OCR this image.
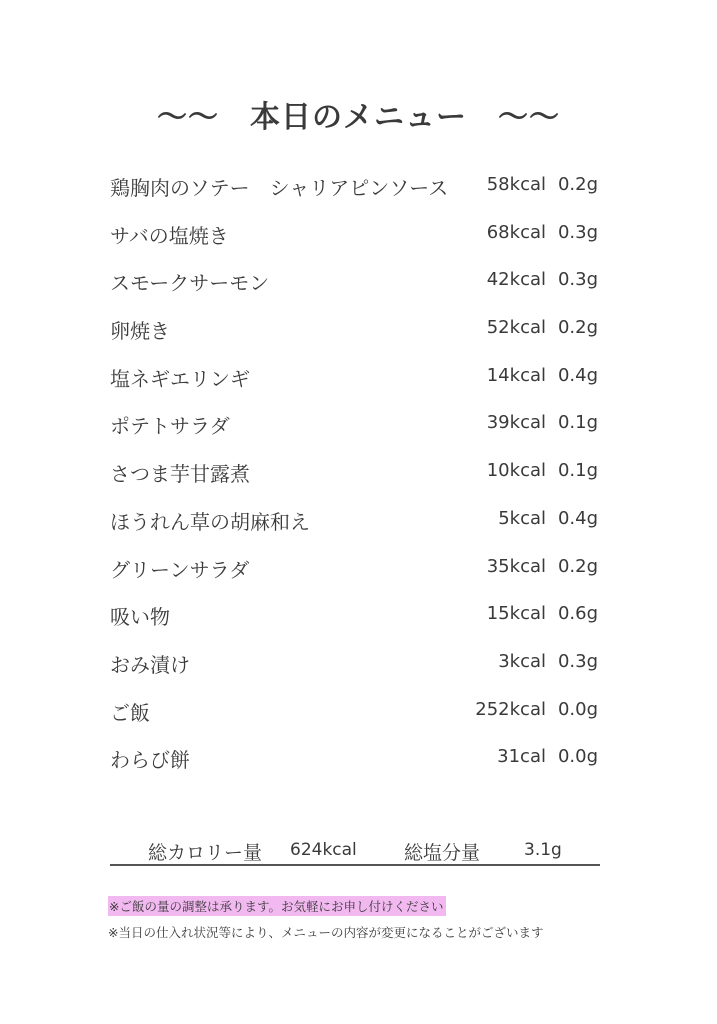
〜〜　本日のメニュー　〜〜
鶏胸肉のソテー　シャリアピンソース 58kcal 0.2g
サバの塩焼き	68kcal 0.3g
スモークサーモン	42kcal 0.3g
卵焼き	52kcal 0.2g
塩ネギエリンギ	14kcal 0.4g
ポテトサラダ	39kcal 0.1g
さつま芋甘露煮	10kcal 0.1g
ほうれん草の胡麻和え	5kcal 0.4g
グリーンサラダ	35kcal 0.2g
吸い物	15kcal 0.6g
おみ漬け	3kcal 0.3g
ご飯	252kcal 0.0g
わらび餅	31cal 0.0g
総カロリー量 624kcal 総塩分量	3.1g
※ご飯の量の調整は承ります。お気軽にお申し付けください
※当日の仕入れ状況等により、メニューの内容が変更になることがございます
